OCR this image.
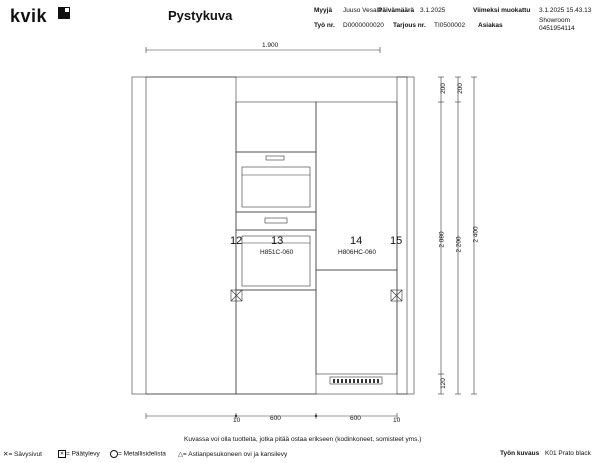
kvik	Pystykuva	Myyjä Juuso Vesala
Päivämäärä 3.1.2025	Viimeksi muokattu 3.1.2025 15.43.13
Työ nr. D0000000020 Tarjous nr. TI0500002 Asiakas
Showroom
0451954114
1.900
200
2 080
120
200
2 200
2 400
10	600	600	10
12	13
H851C-060
14
H806HC-060
15
Kuvassa voi olla tuotteita, jotka pitää ostaa erikseen (kodinkoneet, somisteet yms.)
✕= Sävysivut	✕ = Päätylevy	= Metallisidelista △= Astianpesukoneen ovi ja kansilevy	Työn kuvaus K01 Prato black
